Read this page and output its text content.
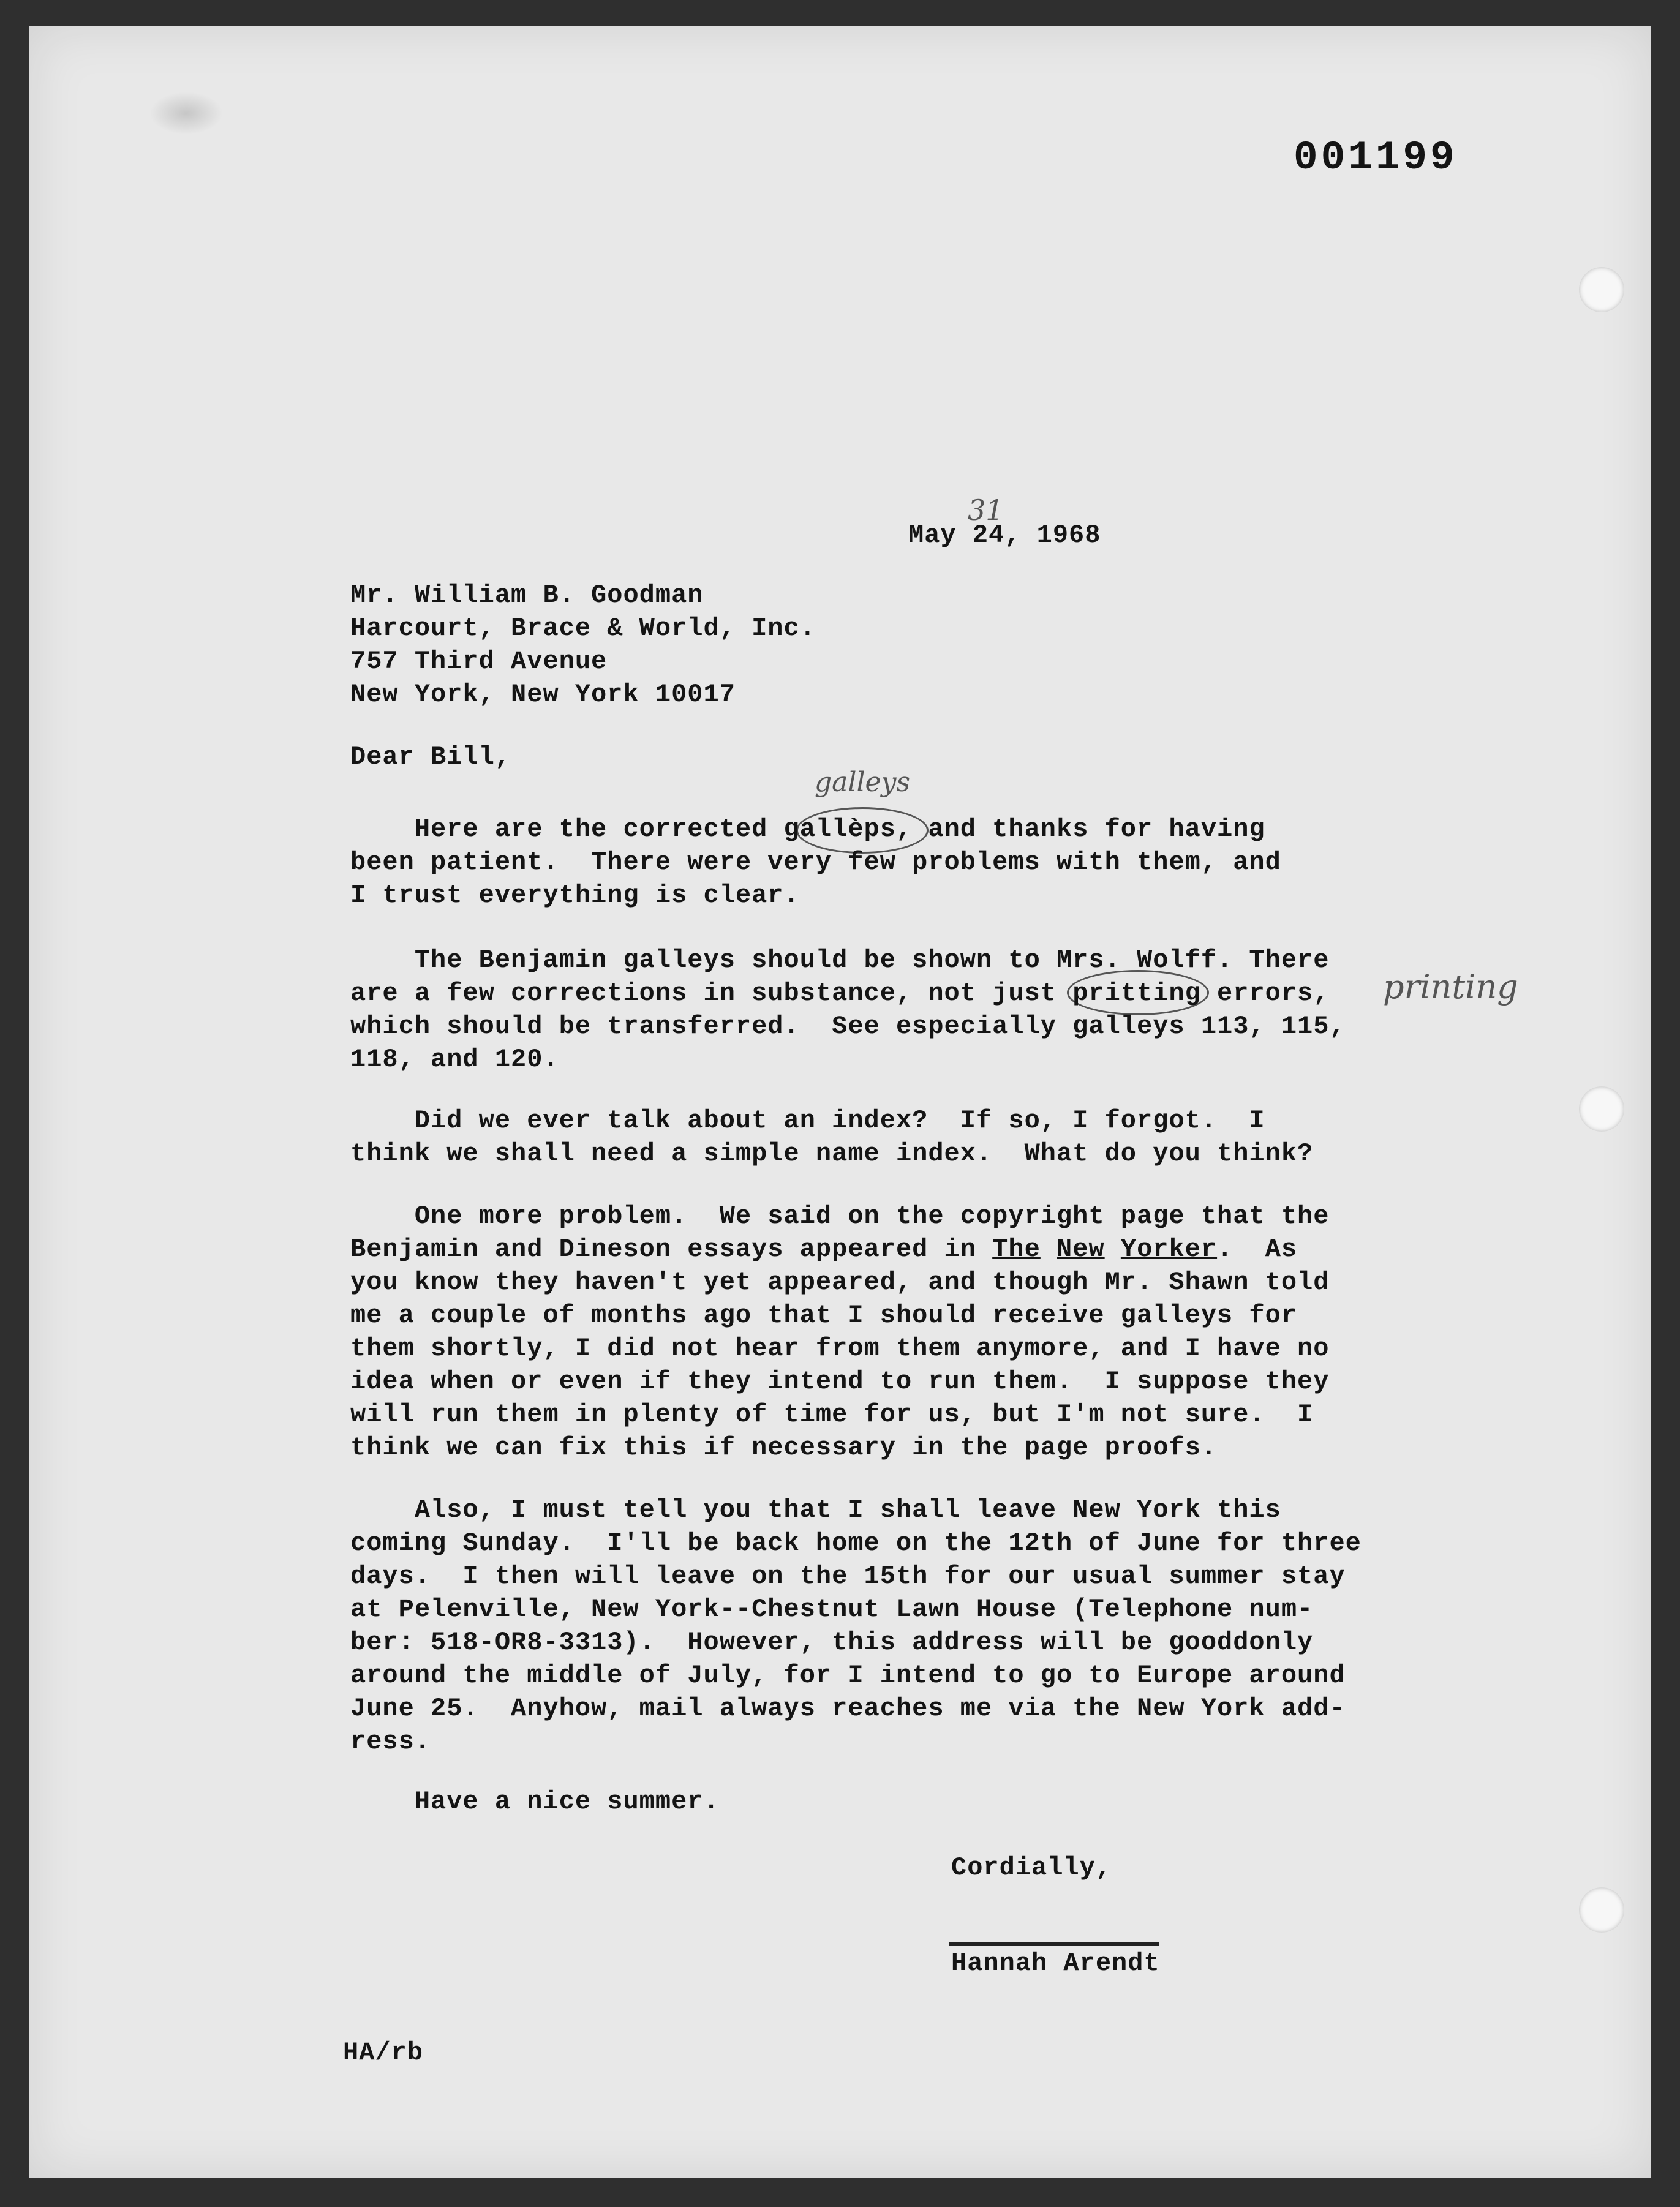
001199
31
May 24, 1968
Mr. William B. Goodman
Harcourt, Brace & World, Inc.
757 Third Avenue
New York, New York 10017
Dear Bill,
galleys
Here are the corrected gallèps, and thanks for having
been patient.  There were very few problems with them, and
I trust everything is clear.
printing
The Benjamin galleys should be shown to Mrs. Wolff. There
are a few corrections in substance, not just pritting errors,
which should be transferred.  See especially galleys 113, 115,
118, and 120.
Did we ever talk about an index?  If so, I forgot.  I
think we shall need a simple name index.  What do you think?
One more problem.  We said on the copyright page that the
Benjamin and Dineson essays appeared in The New Yorker.  As
you know they haven't yet appeared, and though Mr. Shawn told
me a couple of months ago that I should receive galleys for
them shortly, I did not hear from them anymore, and I have no
idea when or even if they intend to run them.  I suppose they
will run them in plenty of time for us, but I'm not sure.  I
think we can fix this if necessary in the page proofs.
Also, I must tell you that I shall leave New York this
coming Sunday.  I'll be back home on the 12th of June for three
days.  I then will leave on the 15th for our usual summer stay
at Pelenville, New York--Chestnut Lawn House (Telephone num-
ber: 518-OR8-3313).  However, this address will be gooddonly
around the middle of July, for I intend to go to Europe around
June 25.  Anyhow, mail always reaches me via the New York add-
ress.
Have a nice summer.
Cordially,
Hannah Arendt
HA/rb
